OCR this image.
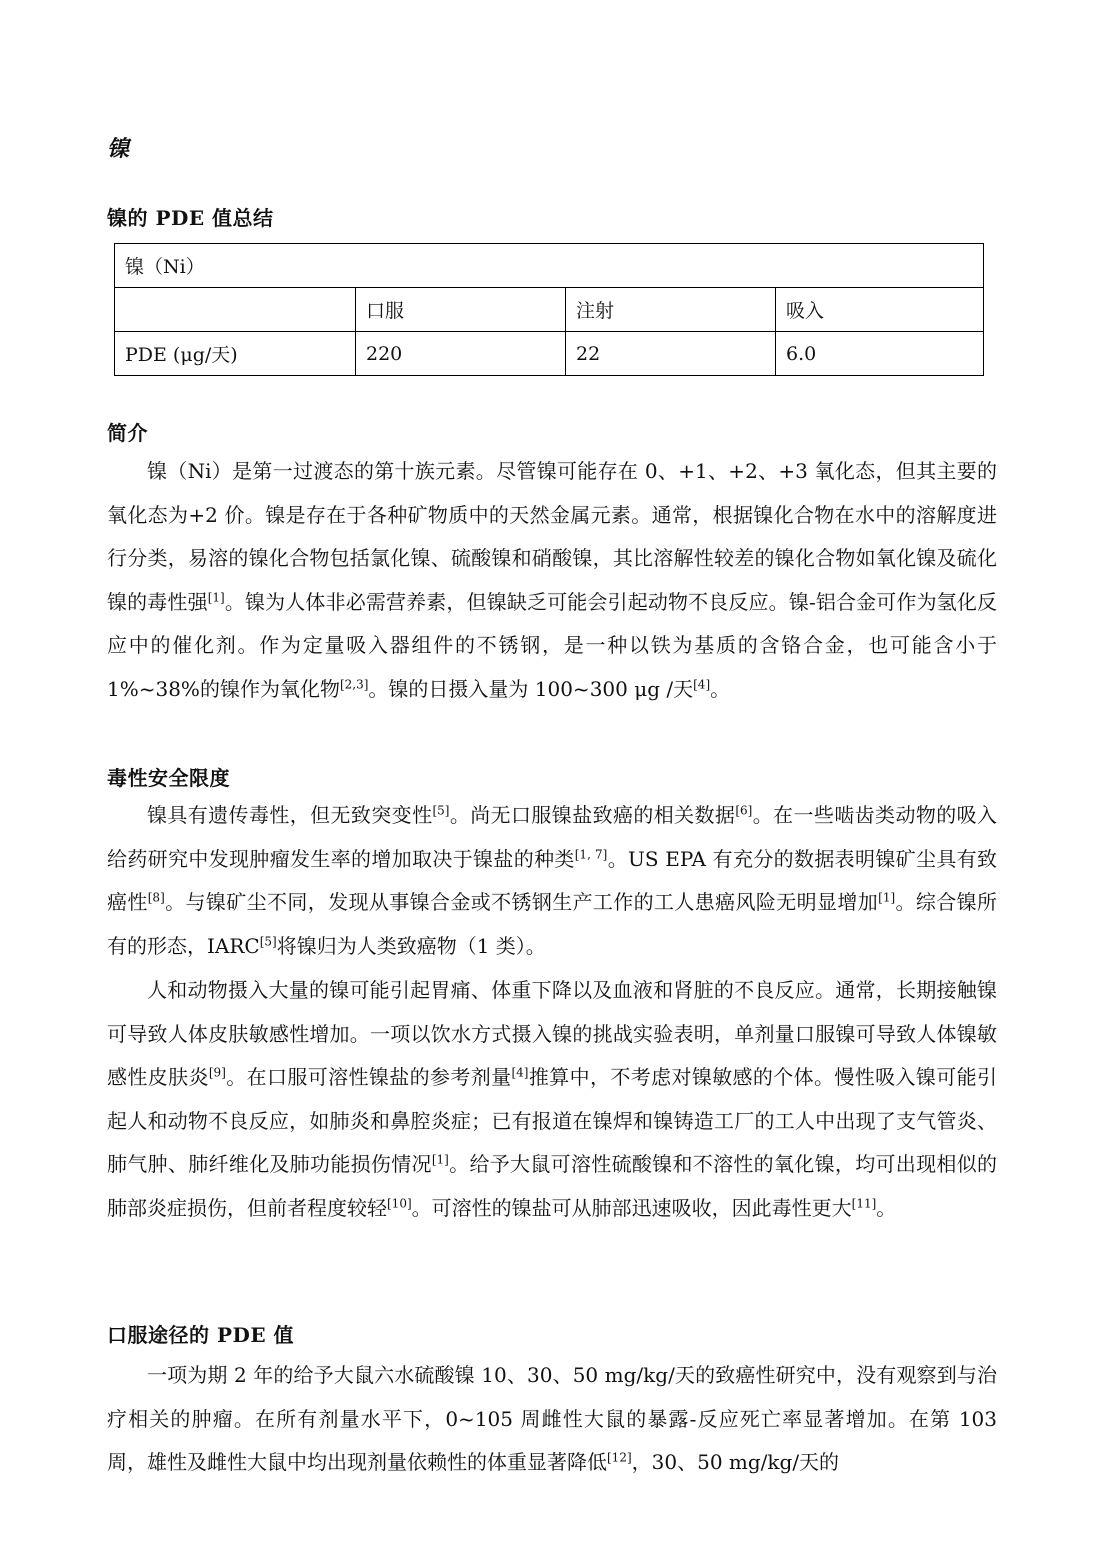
镍
镍的 PDE 值总结
镍（Ni）			
	口服	注射	吸入
PDE (μg/天)	220	22	6.0
简介

镍（Ni）是第一过渡态的第十族元素。尽管镍可能存在 0、+1、+2、+3 氧化态，但其主要的氧化态为+2 价。镍是存在于各种矿物质中的天然金属元素。通常，根据镍化合物在水中的溶解度进行分类，易溶的镍化合物包括氯化镍、硫酸镍和硝酸镍，其比溶解性较差的镍化合物如氧化镍及硫化镍的毒性强[1]。镍为人体非必需营养素，但镍缺乏可能会引起动物不良反应。镍-铝合金可作为氢化反应中的催化剂。作为定量吸入器组件的不锈钢，是一种以铁为基质的含铬合金，也可能含小于 1%~38%的镍作为氧化物[2,3]。镍的日摄入量为 100~300 μg /天[4]。

毒性安全限度

镍具有遗传毒性，但无致突变性[5]。尚无口服镍盐致癌的相关数据[6]。在一些啮齿类动物的吸入给药研究中发现肿瘤发生率的增加取决于镍盐的种类[1, 7]。US EPA 有充分的数据表明镍矿尘具有致癌性[8]。与镍矿尘不同，发现从事镍合金或不锈钢生产工作的工人患癌风险无明显增加[1]。综合镍所有的形态，IARC[5]将镍归为人类致癌物（1 类）。

人和动物摄入大量的镍可能引起胃痛、体重下降以及血液和肾脏的不良反应。通常，长期接触镍可导致人体皮肤敏感性增加。一项以饮水方式摄入镍的挑战实验表明，单剂量口服镍可导致人体镍敏感性皮肤炎[9]。在口服可溶性镍盐的参考剂量[4]推算中，不考虑对镍敏感的个体。慢性吸入镍可能引起人和动物不良反应，如肺炎和鼻腔炎症；已有报道在镍焊和镍铸造工厂的工人中出现了支气管炎、肺气肿、肺纤维化及肺功能损伤情况[1]。给予大鼠可溶性硫酸镍和不溶性的氧化镍，均可出现相似的肺部炎症损伤，但前者程度较轻[10]。可溶性的镍盐可从肺部迅速吸收，因此毒性更大[11]。

口服途径的 PDE 值

一项为期 2 年的给予大鼠六水硫酸镍 10、30、50 mg/kg/天的致癌性研究中，没有观察到与治疗相关的肿瘤。在所有剂量水平下，0~105 周雌性大鼠的暴露-反应死亡率显著增加。在第 103 周，雄性及雌性大鼠中均出现剂量依赖性的体重显著降低[12]，30、50 mg/kg/天的
